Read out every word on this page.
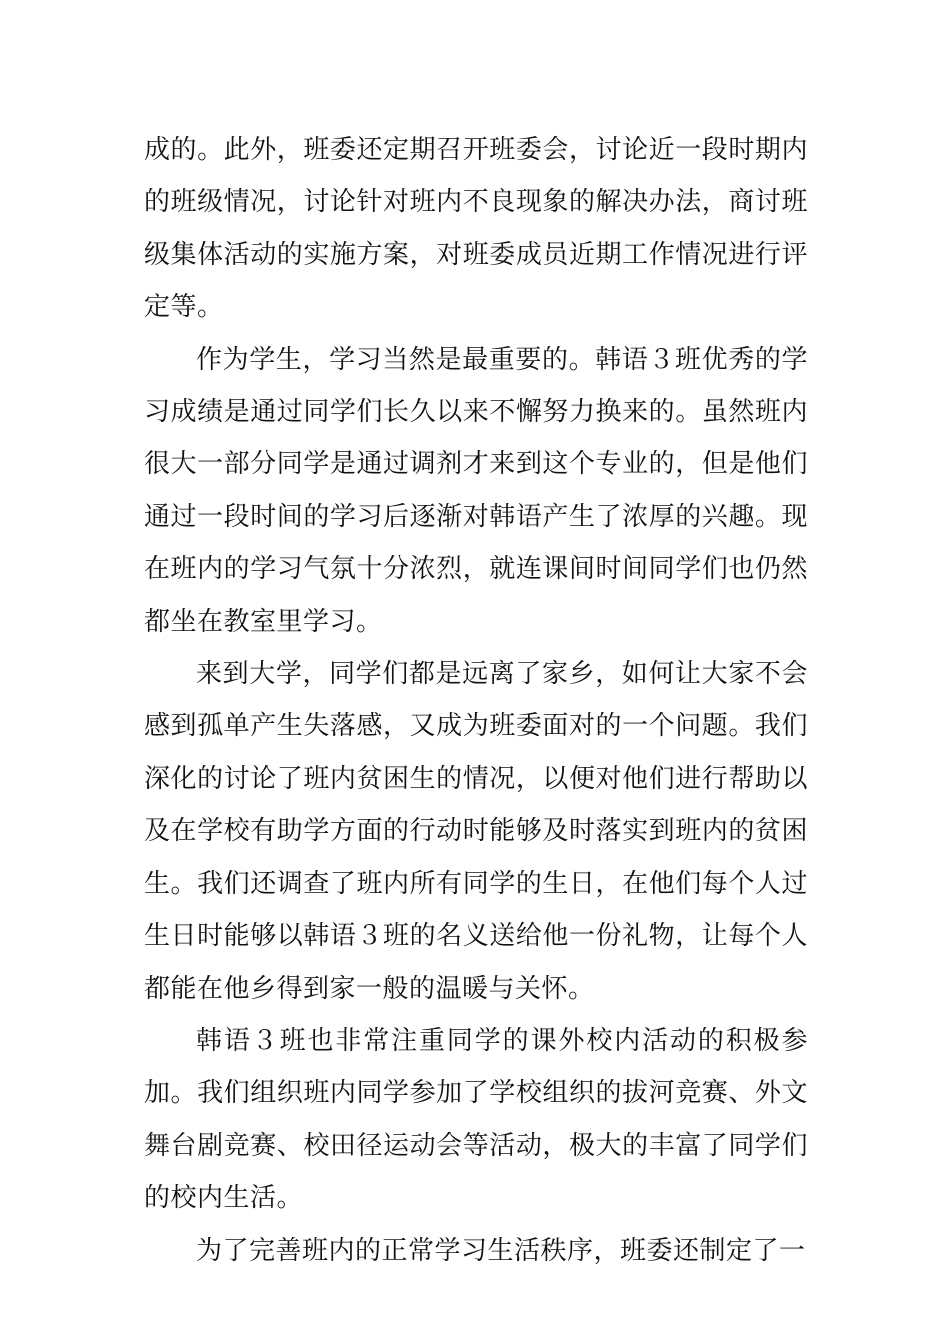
成的。此外，班委还定期召开班委会，讨论近一段时期内的班级情况，讨论针对班内不良现象的解决办法，商讨班级集体活动的实施方案，对班委成员近期工作情况进行评定等。

作为学生，学习当然是最重要的。韩语３班优秀的学习成绩是通过同学们长久以来不懈努力换来的。虽然班内很大一部分同学是通过调剂才来到这个专业的，但是他们通过一段时间的学习后逐渐对韩语产生了浓厚的兴趣。现在班内的学习气氛十分浓烈，就连课间时间同学们也仍然都坐在教室里学习。

来到大学，同学们都是远离了家乡，如何让大家不会感到孤单产生失落感，又成为班委面对的一个问题。我们深化的讨论了班内贫困生的情况，以便对他们进行帮助以及在学校有助学方面的行动时能够及时落实到班内的贫困生。我们还调查了班内所有同学的生日，在他们每个人过生日时能够以韩语３班的名义送给他一份礼物，让每个人都能在他乡得到家一般的温暖与关怀。

韩语３班也非常注重同学的课外校内活动的积极参加。我们组织班内同学参加了学校组织的拔河竞赛、外文舞台剧竞赛、校田径运动会等活动，极大的丰富了同学们的校内生活。

为了完善班内的正常学习生活秩序，班委还制定了一
